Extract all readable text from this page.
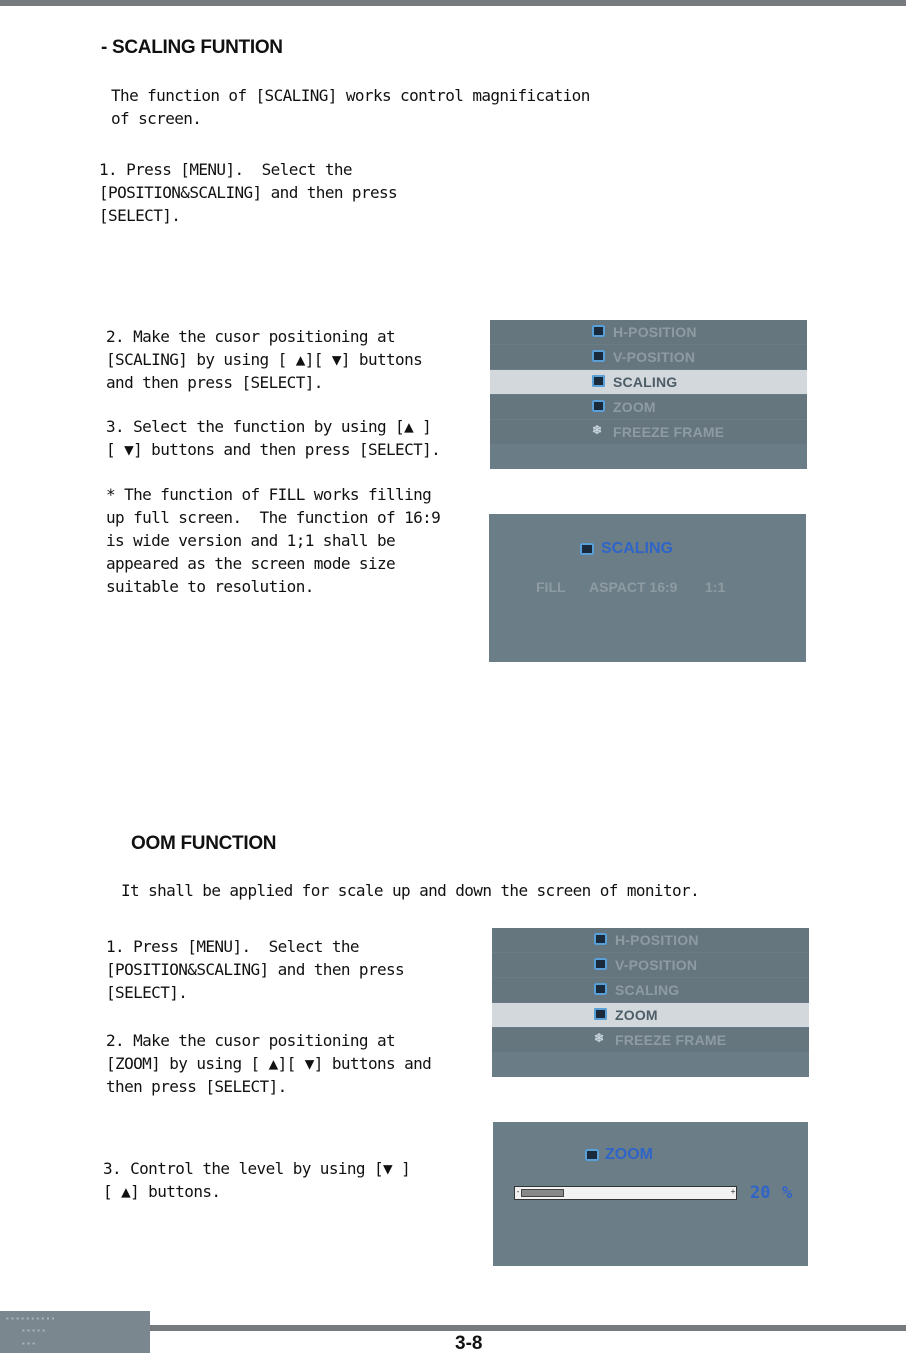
- SCALING FUNTION
The function of [SCALING] works control magnification
of screen.
1. Press [MENU].  Select the
[POSITION&SCALING] and then press
[SELECT].
2. Make the cusor positioning at
[SCALING] by using [ ▲][ ▼] buttons
and then press [SELECT].
3. Select the function by using [▲ ]
[ ▼] buttons and then press [SELECT].
* The function of FILL works filling
up full screen.  The function of 16:9
is wide version and 1;1 shall be
appeared as the screen mode size
suitable to resolution.
H-POSITION
V-POSITION
SCALING
ZOOM
❄ FREEZE FRAME
SCALING
FILL ASPACT 16:9 1:1
OOM FUNCTION
It shall be applied for scale up and down the screen of monitor.
1. Press [MENU].  Select the
[POSITION&SCALING] and then press
[SELECT].
2. Make the cusor positioning at
[ZOOM] by using [ ▲][ ▼] buttons and
then press [SELECT].
3. Control the level by using [▼ ]
[ ▲] buttons.
H-POSITION
V-POSITION
SCALING
ZOOM
❄ FREEZE FRAME
ZOOM
-	+ 20 %
▪ ▪ ▪ ▪ ▪ ▪ ▪ ▪ ▪ ▪
▪ ▪ ▪ ▪ ▪
▪ ▪ ▪	3-8
